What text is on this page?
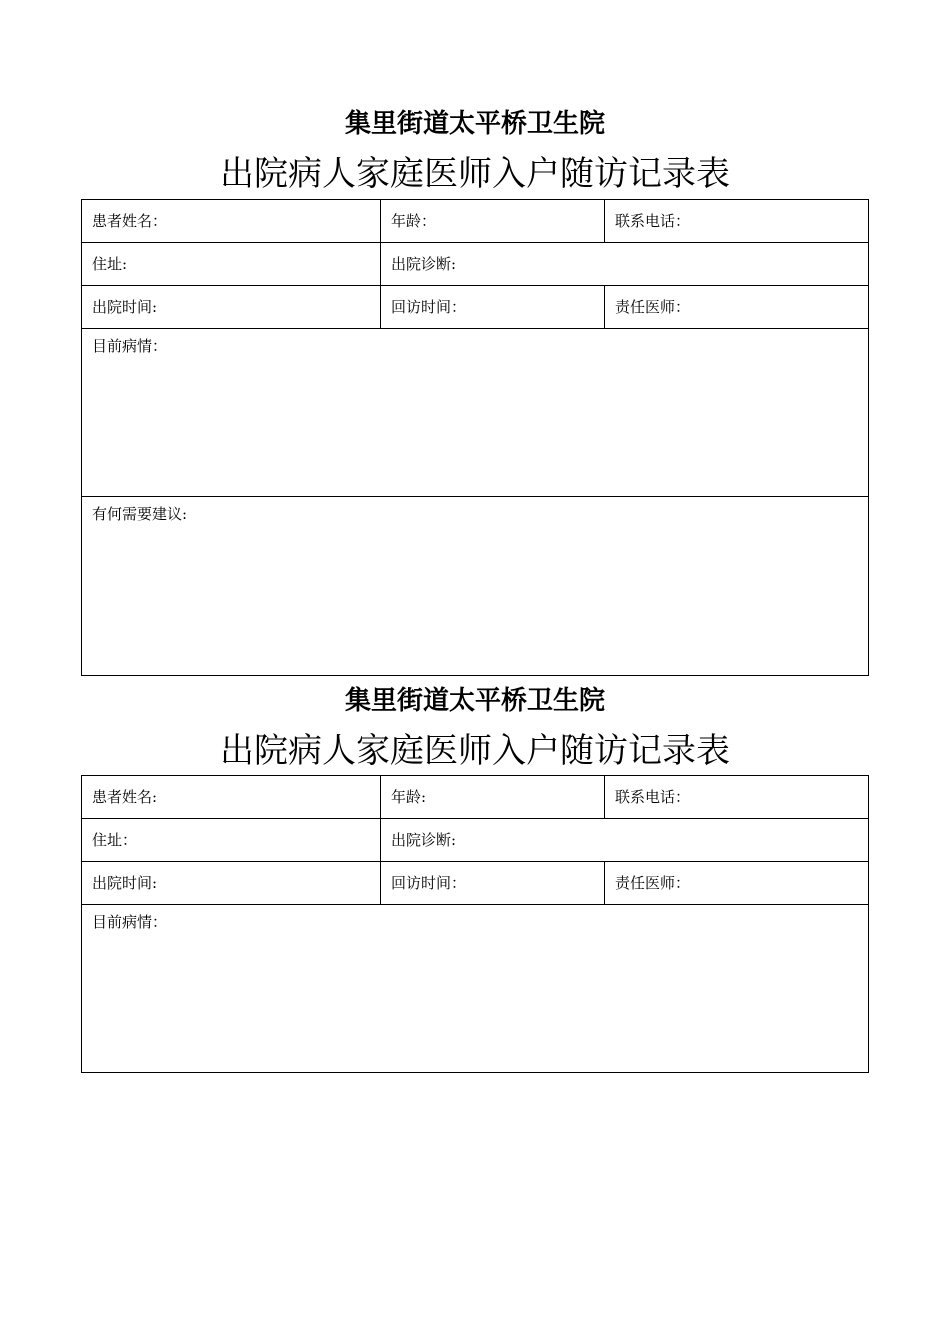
集里街道太平桥卫生院
出院病人家庭医师入户随访记录表
患者姓名：	年龄：	联系电话：
住址:	出院诊断:	
出院时间:	回访时间：	责任医师：
目前病情：		
有何需要建议:		
集里街道太平桥卫生院
出院病人家庭医师入户随访记录表
患者姓名:	年龄:	联系电话：
住址：	出院诊断:	
出院时间:	回访时间：	责任医师：
目前病情：		
